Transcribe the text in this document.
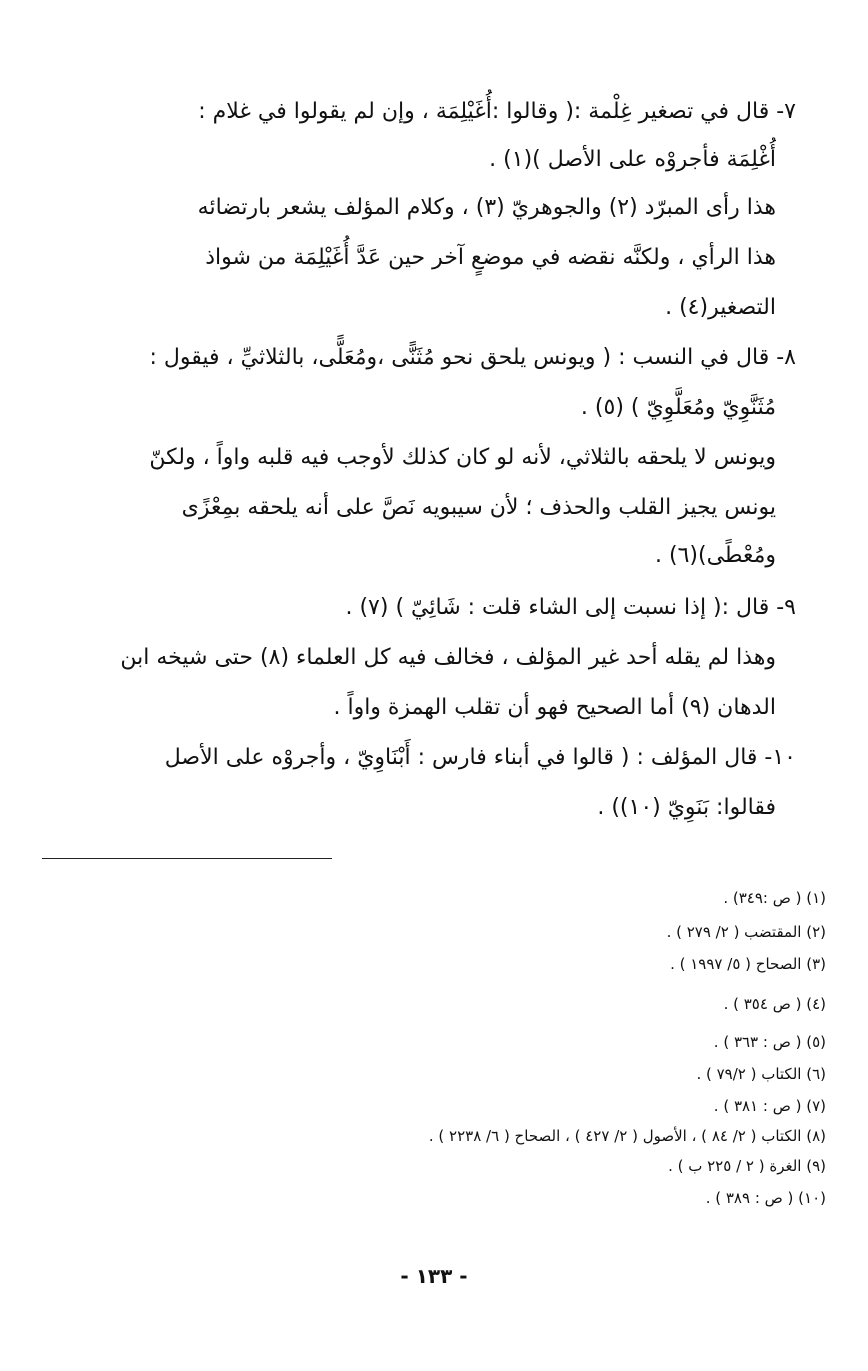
٧- قال في تصغير غِلْمة :( وقالوا :أُغَيْلِمَة ، وإن لم يقولوا في غلام :
أُغْلِمَة فأجروْه على الأصل )(١) .
هذا رأى المبرّد (٢) والجوهريّ (٣) ، وكلام المؤلف يشعر بارتضائه
هذا الرأي ، ولكنَّه نقضه في موضعٍ آخر حين عَدَّ أُغَيْلِمَة من شواذ
التصغير(٤) .
٨- قال في النسب : ( ويونس يلحق نحو مُثَنًّى ،ومُعَلًّى، بالثلاثيِّ ، فيقول :
مُثَنَّوِيّ ومُعَلَّوِيّ ) (٥) .
ويونس لا يلحقه بالثلاثي، لأنه لو كان كذلك لأوجب فيه قلبه واواً ، ولكنّ
يونس يجيز القلب والحذف ؛ لأن سيبويه نَصَّ على أنه يلحقه بمِعْزًى
ومُعْطًى)(٦) .
٩- قال :( إذا نسبت إلى الشاء قلت : شَائِيّ ) (٧) .
وهذا لم يقله أحد غير المؤلف ، فخالف فيه كل العلماء (٨) حتى شيخه ابن
الدهان (٩) أما الصحيح فهو أن تقلب الهمزة واواً .
١٠- قال المؤلف : ( قالوا في أبناء فارس : أَبْنَاوِيّ ، وأجروْه على الأصل
فقالوا: بَنَوِيّ (١٠)) .
(١) ( ص :٣٤٩) .
(٢) المقتضب ( ٢/ ٢٧٩ ) .
(٣) الصحاح ( ٥/ ١٩٩٧ ) .
(٤) ( ص ٣٥٤ ) .
(٥) ( ص : ٣٦٣ ) .
(٦) الكتاب ( ٧٩/٢ ) .
(٧) ( ص : ٣٨١ ) .
(٨) الكتاب ( ٢/ ٨٤ ) ، الأصول ( ٢/ ٤٢٧ ) ، الصحاح ( ٦/ ٢٢٣٨ ) .
(٩) الغرة ( ٢ / ٢٢٥ ب ) .
(١٠) ( ص : ٣٨٩ ) .
- ١٣٣ -
